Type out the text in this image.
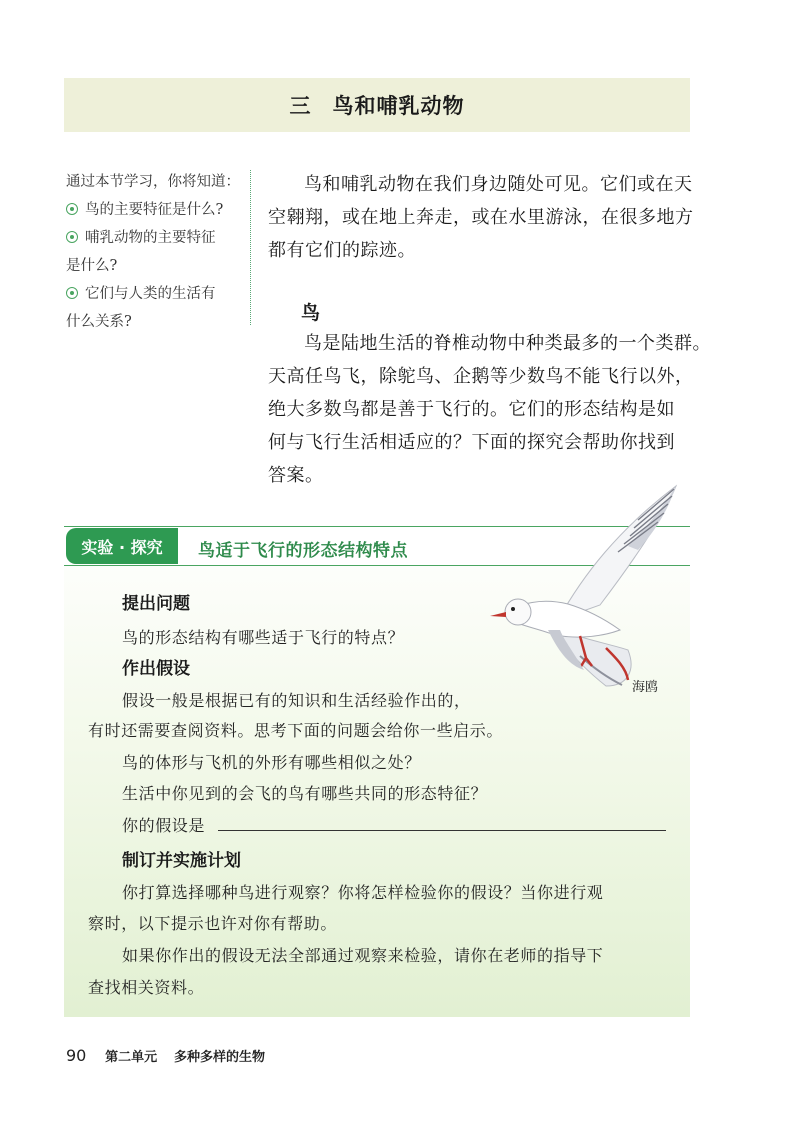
三 鸟和哺乳动物
通过本节学习，你将知道：
鸟的主要特征是什么?
哺乳动物的主要特征
是什么?
它们与人类的生活有
什么关系?
鸟和哺乳动物在我们身边随处可见。它们或在天
空翱翔，或在地上奔走，或在水里游泳，在很多地方
都有它们的踪迹。
鸟
鸟是陆地生活的脊椎动物中种类最多的一个类群。
天高任鸟飞，除鸵鸟、企鹅等少数鸟不能飞行以外，
绝大多数鸟都是善于飞行的。它们的形态结构是如
何与飞行生活相适应的？下面的探究会帮助你找到
答案。
实验 · 探究	鸟适于飞行的形态结构特点
海鸥
提出问题
鸟的形态结构有哪些适于飞行的特点？
作出假设
假设一般是根据已有的知识和生活经验作出的，
有时还需要查阅资料。思考下面的问题会给你一些启示。
鸟的体形与飞机的外形有哪些相似之处？
生活中你见到的会飞的鸟有哪些共同的形态特征？
你的假设是
制订并实施计划
你打算选择哪种鸟进行观察？你将怎样检验你的假设？当你进行观
察时，以下提示也许对你有帮助。
如果你作出的假设无法全部通过观察来检验，请你在老师的指导下
查找相关资料。
90 第二单元 多种多样的生物
